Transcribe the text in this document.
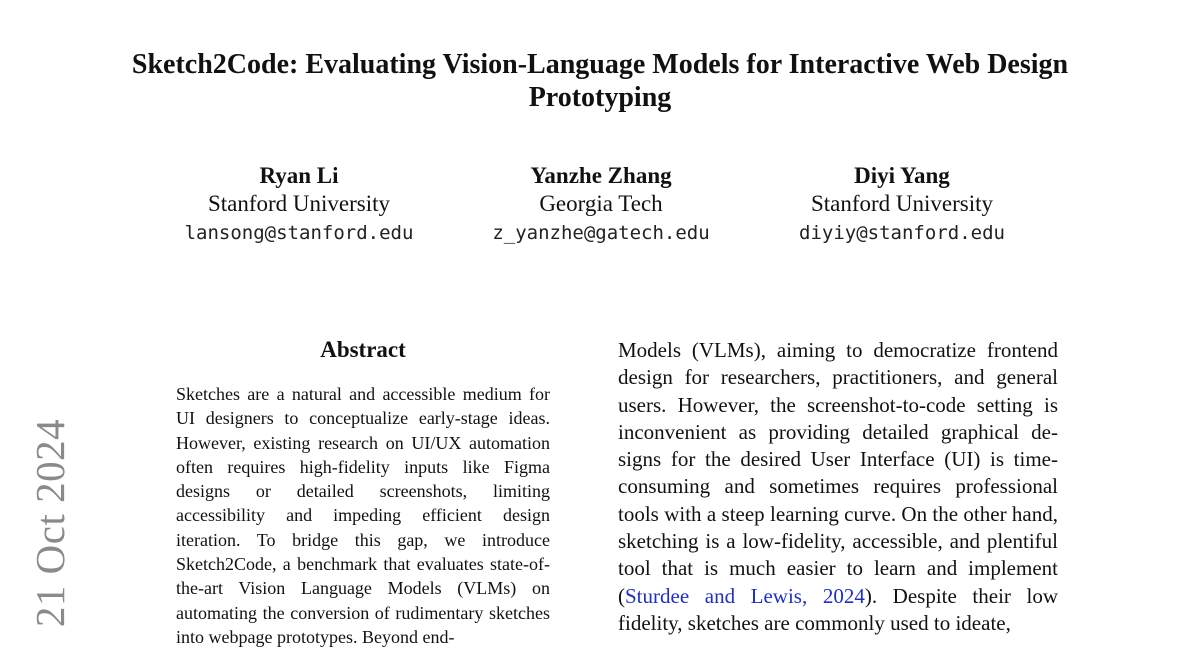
Sketch2Code: Evaluating Vision-Language Models for Interactive Web Design Prototyping
Ryan Li
Stanford University
lansong@stanford.edu
Yanzhe Zhang
Georgia Tech
z_yanzhe@gatech.edu
Diyi Yang
Stanford University
diyiy@stanford.edu
21 Oct 2024
Abstract

Sketches are a natural and accessible medium for UI designers to conceptualize early-stage ideas. However, existing research on UI/UX automation often requires high-fidelity inputs like Figma designs or detailed screenshots, limiting accessibility and impeding efficient design iteration. To bridge this gap, we introduce Sketch2Code, a benchmark that evaluates state-of-the-art Vision Language Models (VLMs) on automating the conversion of rudimentary sketches into webpage prototypes. Beyond end-

Models (VLMs), aiming to democratize frontend design for researchers, practitioners, and general users. However, the screenshot-to-code setting is inconvenient as providing detailed graphical designs for the desired User Interface (UI) is time-consuming and sometimes requires professional tools with a steep learning curve. On the other hand, sketching is a low-fidelity, accessible, and plentiful tool that is much easier to learn and implement (Sturdee and Lewis, 2024). Despite their low fidelity, sketches are commonly used to ideate,
